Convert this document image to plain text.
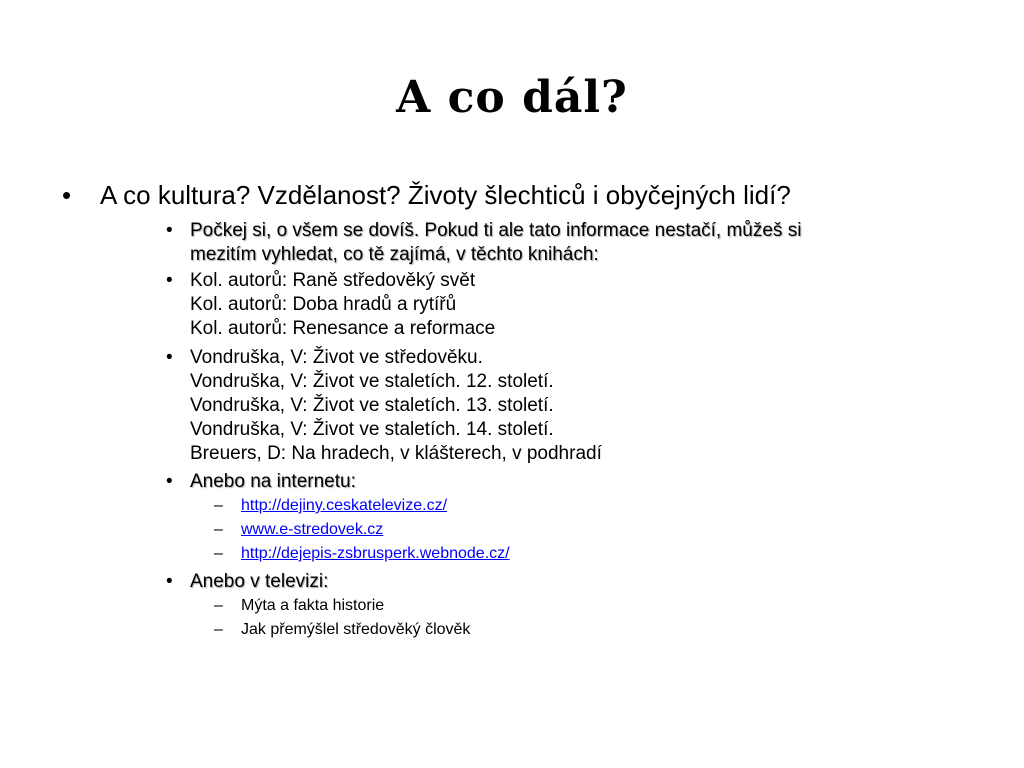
A co dál?
• A co kultura? Vzdělanost? Životy šlechticů i obyčejných lidí?
• Počkej si, o všem se dovíš. Pokud ti ale tato informace nestačí, můžeš si
mezitím vyhledat, co tě zajímá, v těchto knihách:
• Kol. autorů: Raně středověký svět
Kol. autorů: Doba hradů a rytířů
Kol. autorů: Renesance a reformace
• Vondruška, V: Život ve středověku.
Vondruška, V: Život ve staletích. 12. století.
Vondruška, V: Život ve staletích. 13. století.
Vondruška, V: Život ve staletích. 14. století.
Breuers, D: Na hradech, v klášterech, v podhradí
• Anebo na internetu:
– http://dejiny.ceskatelevize.cz/
– www.e-stredovek.cz
– http://dejepis-zsbrusperk.webnode.cz/
• Anebo v televizi:
– Mýta a fakta historie
– Jak přemýšlel středověký člověk
